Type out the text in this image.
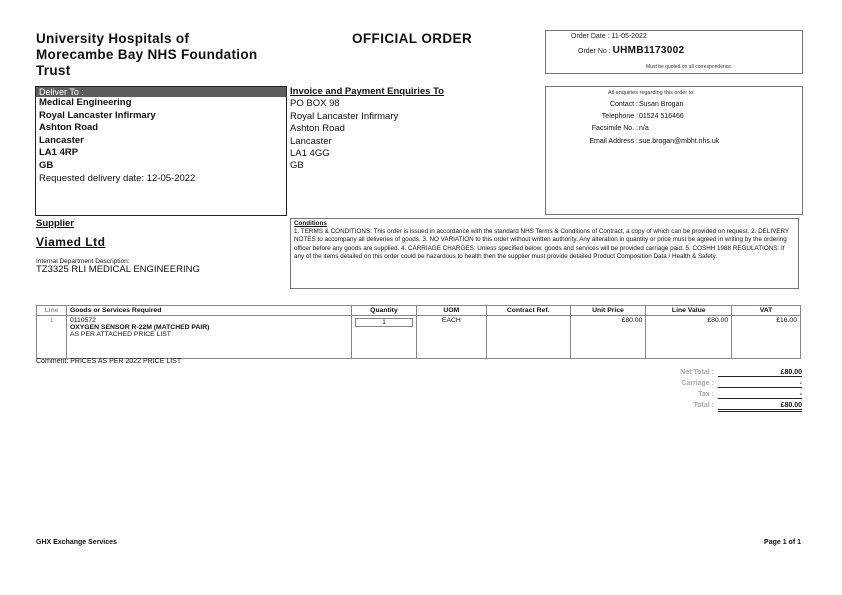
University Hospitals of
Morecambe Bay NHS Foundation
Trust
OFFICIAL ORDER	Order Date : 11-05-2022
Order No : UHMB1173002
Must be quoted on all correspondence.
Deliver To :
Medical Engineering
Royal Lancaster Infirmary
Ashton Road
Lancaster
LA1 4RP
GB
Requested delivery date: 12-05-2022
Invoice and Payment Enquiries To
PO BOX 98
Royal Lancaster Infirmary
Ashton Road
Lancaster
LA1 4GG
GB
All enquiries regarding this order to:
Contact : Susan Brogan
Telephone : 01524 516466
Facsimile No. : n/a
Email Address : sue.brogan@mbht.nhs.uk
Supplier
Viamed Ltd
Internal Department Description:
TZ3325 RLI MEDICAL ENGINEERING
Conditions
1. TERMS & CONDITIONS: This order is issued in accordance with the standard NHS Terms & Conditions of Contract, a copy of which can be provided on request. 2. DELIVERY NOTES to accompany all deliveries of goods. 3. NO VARIATION to this order without written authority. Any alteration in quantity or price must be agreed in writing by the ordering officer before any goods are supplied. 4. CARRIAGE CHARGES: Unless specified below, goods and services will be provided carriage paid. 5. COSHH 1988 REGULATIONS: If any of the items detailed on this order could be hazardous to health then the supplier must provide detailed Product Composition Data / Health & Safety.
Line	Goods or Services Required	Quantity	UOM	Contract Ref.	Unit Price	Line Value	VAT
1	0110572
OXYGEN SENSOR R-22M (MATCHED PAIR)
AS PER ATTACHED PRICE LIST	1	EACH		£80.00	£80.00	£16.00
Comment: PRICES AS PER 2022 PRICE LIST
Net Total :	£80.00
Carriage :	-
Tax :	-
Total :	£80.00
GHX Exchange Services	Page 1 of 1
